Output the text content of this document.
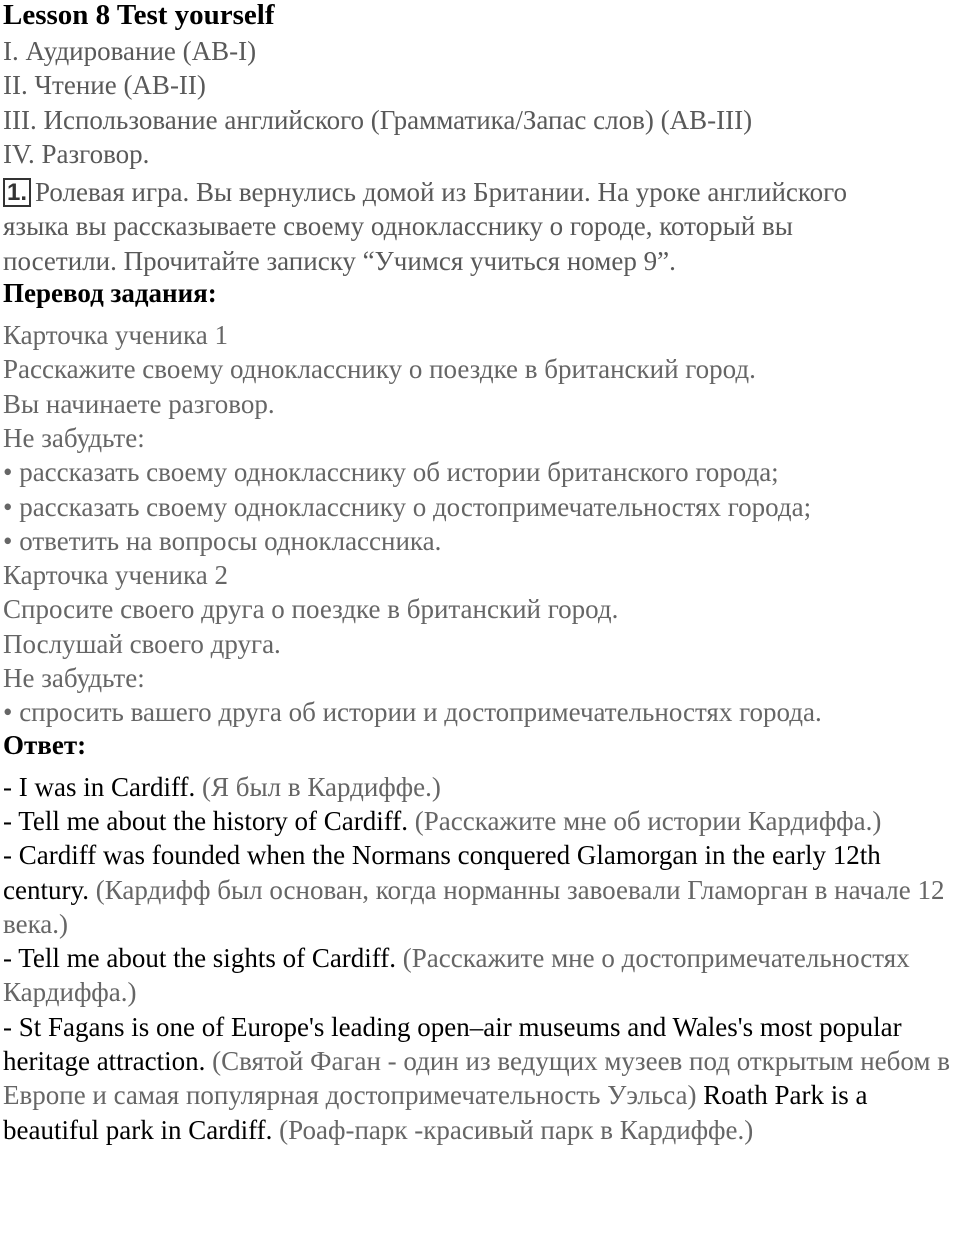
Lesson 8 Test yourself
I. Аудирование (AB-I)
II. Чтение (AB-II)
III. Использование английского (Грамматика/Запас слов) (AB-III)
IV. Разговор.
1. Ролевая игра. Вы вернулись домой из Британии. На уроке английского
языка вы рассказываете своему однокласснику о городе, который вы
посетили. Прочитайте записку “Учимся учиться номер 9”.
Перевод задания:
Карточка ученика 1
Расскажите своему однокласснику о поездке в британский город.
Вы начинаете разговор.
Не забудьте:
• рассказать своему однокласснику об истории британского города;
• рассказать своему однокласснику о достопримечательностях города;
• ответить на вопросы одноклассника.
Карточка ученика 2
Спросите своего друга о поездке в британский город.
Послушай своего друга.
Не забудьте:
• спросить вашего друга об истории и достопримечательностях города.
Ответ:
- I was in Cardiff. (Я был в Кардиффе.)
- Tell me about the history of Cardiff. (Расскажите мне об истории Кардиффа.)
- Cardiff was founded when the Normans conquered Glamorgan in the early 12th century. (Кардифф был основан, когда норманны завоевали Гламорган в начале 12 века.)
- Tell me about the sights of Cardiff. (Расскажите мне о достопримечательностях Кардиффа.)
- St Fagans is one of Europe's leading open–air museums and Wales's most popular heritage attraction. (Святой Фаган - один из ведущих музеев под открытым небом в Европе и самая популярная достопримечательность Уэльса) Roath Park is a beautiful park in Cardiff. (Роаф-парк -красивый парк в Кардиффе.)
